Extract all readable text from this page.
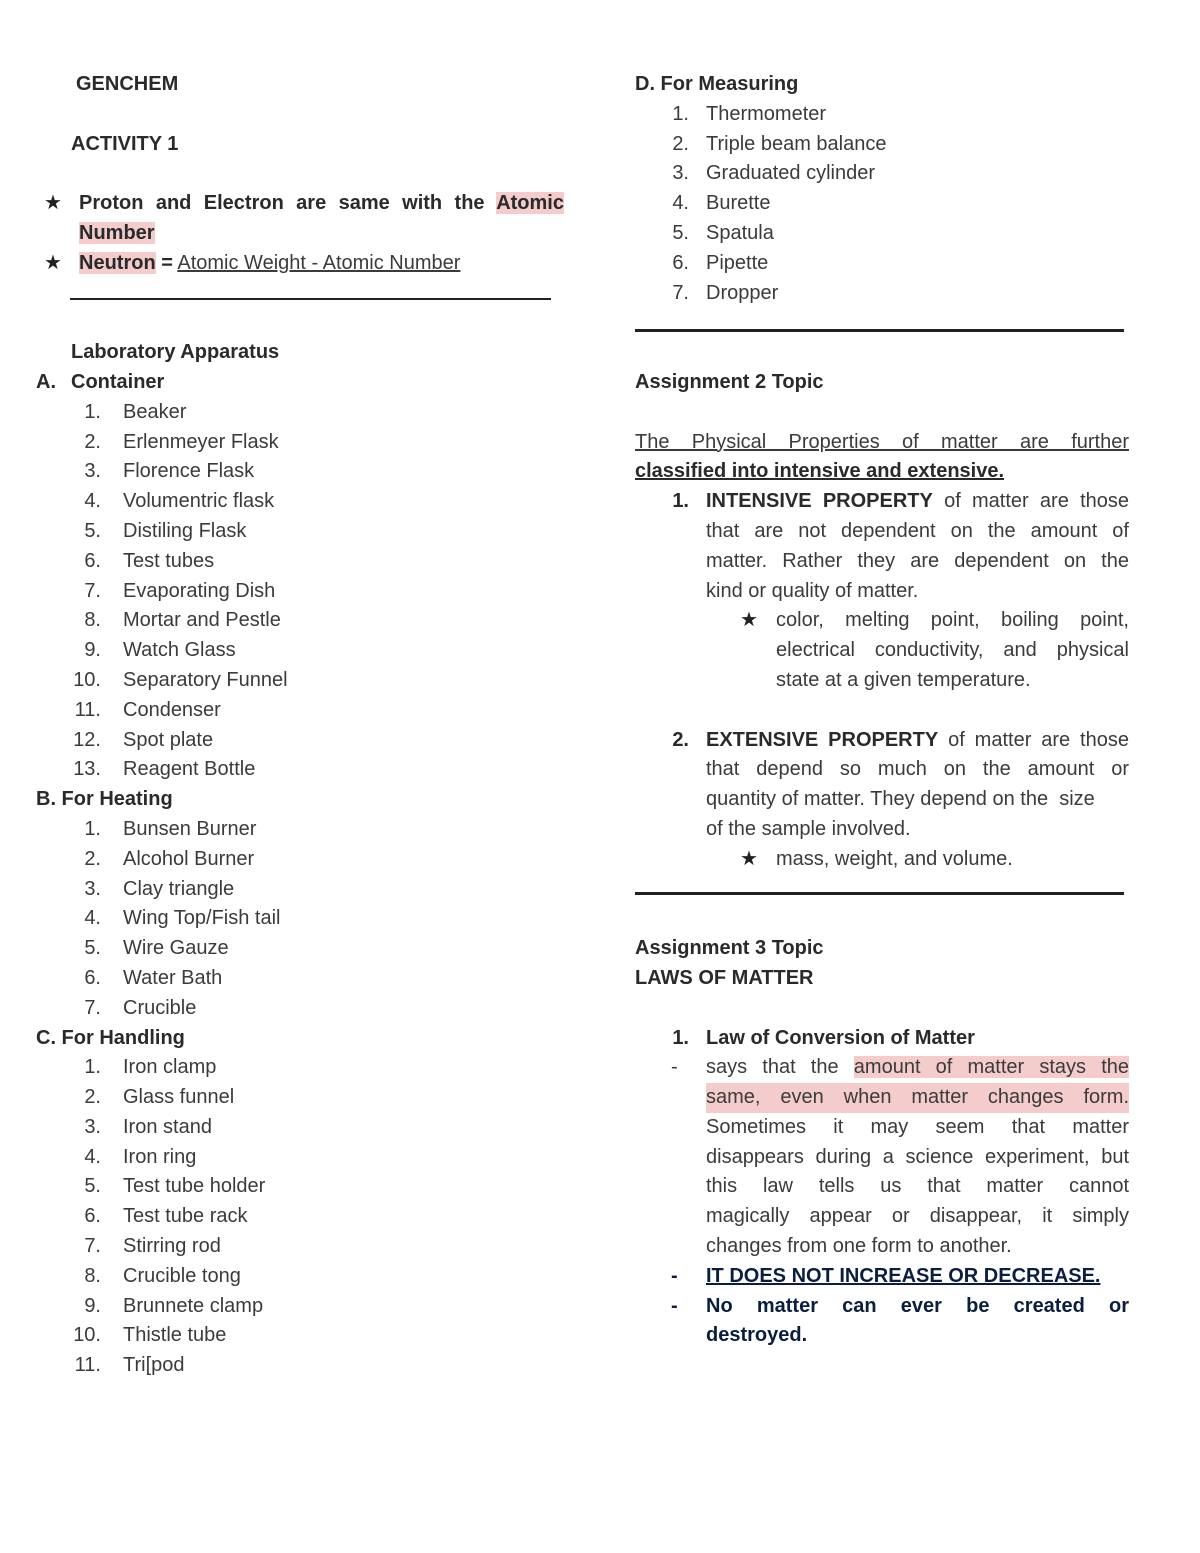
GENCHEM
ACTIVITY 1
★ Proton and Electron are same with the Atomic
Number
★ Neutron = Atomic Weight - Atomic Number
Laboratory Apparatus
A. Container
1. Beaker
2. Erlenmeyer Flask
3. Florence Flask
4. Volumentric flask
5. Distiling Flask
6. Test tubes
7. Evaporating Dish
8. Mortar and Pestle
9. Watch Glass
10. Separatory Funnel
11. Condenser
12. Spot plate
13. Reagent Bottle
B. For Heating
1. Bunsen Burner
2. Alcohol Burner
3. Clay triangle
4. Wing Top/Fish tail
5. Wire Gauze
6. Water Bath
7. Crucible
C. For Handling
1. Iron clamp
2. Glass funnel
3. Iron stand
4. Iron ring
5. Test tube holder
6. Test tube rack
7. Stirring rod
8. Crucible tong
9. Brunnete clamp
10. Thistle tube
11. Tri[pod
D. For Measuring
1. Thermometer
2. Triple beam balance
3. Graduated cylinder
4. Burette
5. Spatula
6. Pipette
7. Dropper
Assignment 2 Topic
The Physical Properties of matter are further
classified into intensive and extensive.
1. INTENSIVE PROPERTY of matter are those
that are not dependent on the amount of
matter. Rather they are dependent on the
kind or quality of matter.
★ color, melting point, boiling point,
electrical conductivity, and physical
state at a given temperature.
2. EXTENSIVE PROPERTY of matter are those
that depend so much on the amount or
quantity of matter. They depend on the  size
of the sample involved.
★ mass, weight, and volume.
Assignment 3 Topic
LAWS OF MATTER
1. Law of Conversion of Matter
- says that the amount of matter stays the
same, even when matter changes form.
Sometimes it may seem that matter
disappears during a science experiment, but
this law tells us that matter cannot
magically appear or disappear, it simply
changes from one form to another.
- IT DOES NOT INCREASE OR DECREASE.
- No matter can ever be created or
destroyed.
